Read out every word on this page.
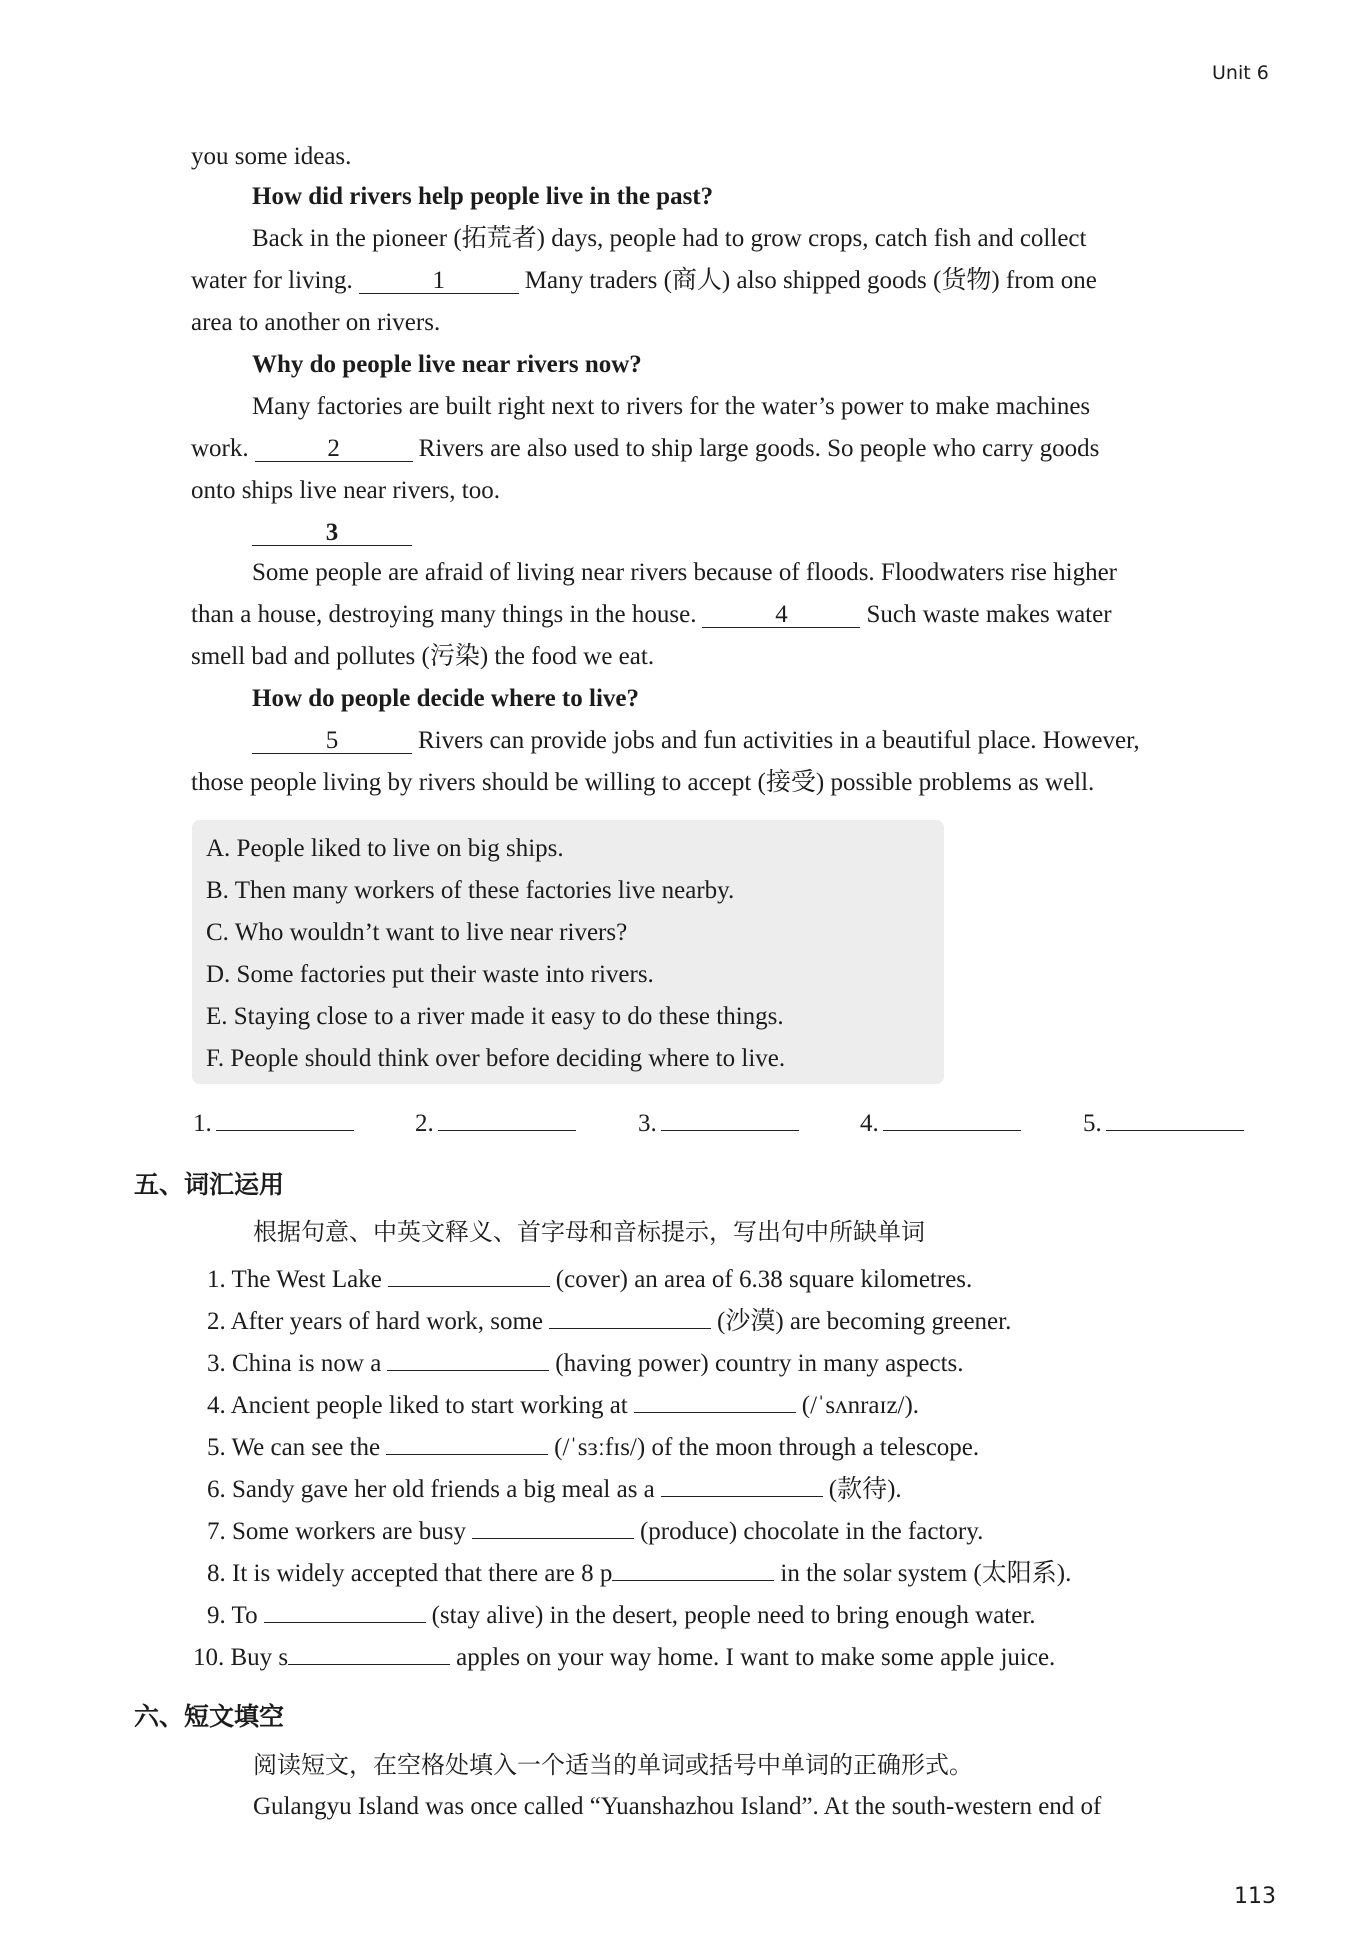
Unit 6
you some ideas.
How did rivers help people live in the past?
Back in the pioneer (拓荒者) days, people had to grow crops, catch fish and collect
water for living.	1	Many traders (商人) also shipped goods (货物) from one
area to another on rivers.
Why do people live near rivers now?
Many factories are built right next to rivers for the water’s power to make machines
work.	2	Rivers are also used to ship large goods. So people who carry goods
onto ships live near rivers, too.
3
Some people are afraid of living near rivers because of floods. Floodwaters rise higher
than a house, destroying many things in the house.	4	Such waste makes water
smell bad and pollutes (污染) the food we eat.
How do people decide where to live?
5	Rivers can provide jobs and fun activities in a beautiful place. However,
those people living by rivers should be willing to accept (接受) possible problems as well.
A. People liked to live on big ships.
B. Then many workers of these factories live nearby.
C. Who wouldn’t want to live near rivers?
D. Some factories put their waste into rivers.
E. Staying close to a river made it easy to do these things.
F. People should think over before deciding where to live.
1.	2.	3.	4.	5.
五、词汇运用
根据句意、中英文释义、首字母和音标提示，写出句中所缺单词
1. The West Lake	(cover) an area of 6.38 square kilometres.
2. After years of hard work, some	(沙漠) are becoming greener.
3. China is now a	(having power) country in many aspects.
4. Ancient people liked to start working at	(/ˈsʌnraɪz/).
5. We can see the	(/ˈsɜːfɪs/) of the moon through a telescope.
6. Sandy gave her old friends a big meal as a	(款待).
7. Some workers are busy	(produce) chocolate in the factory.
8. It is widely accepted that there are 8 p	in the solar system (太阳系).
9. To	(stay alive) in the desert, people need to bring enough water.
10. Buy s	apples on your way home. I want to make some apple juice.
六、短文填空
阅读短文，在空格处填入一个适当的单词或括号中单词的正确形式。
Gulangyu Island was once called “Yuanshazhou Island”. At the south-western end of
113
